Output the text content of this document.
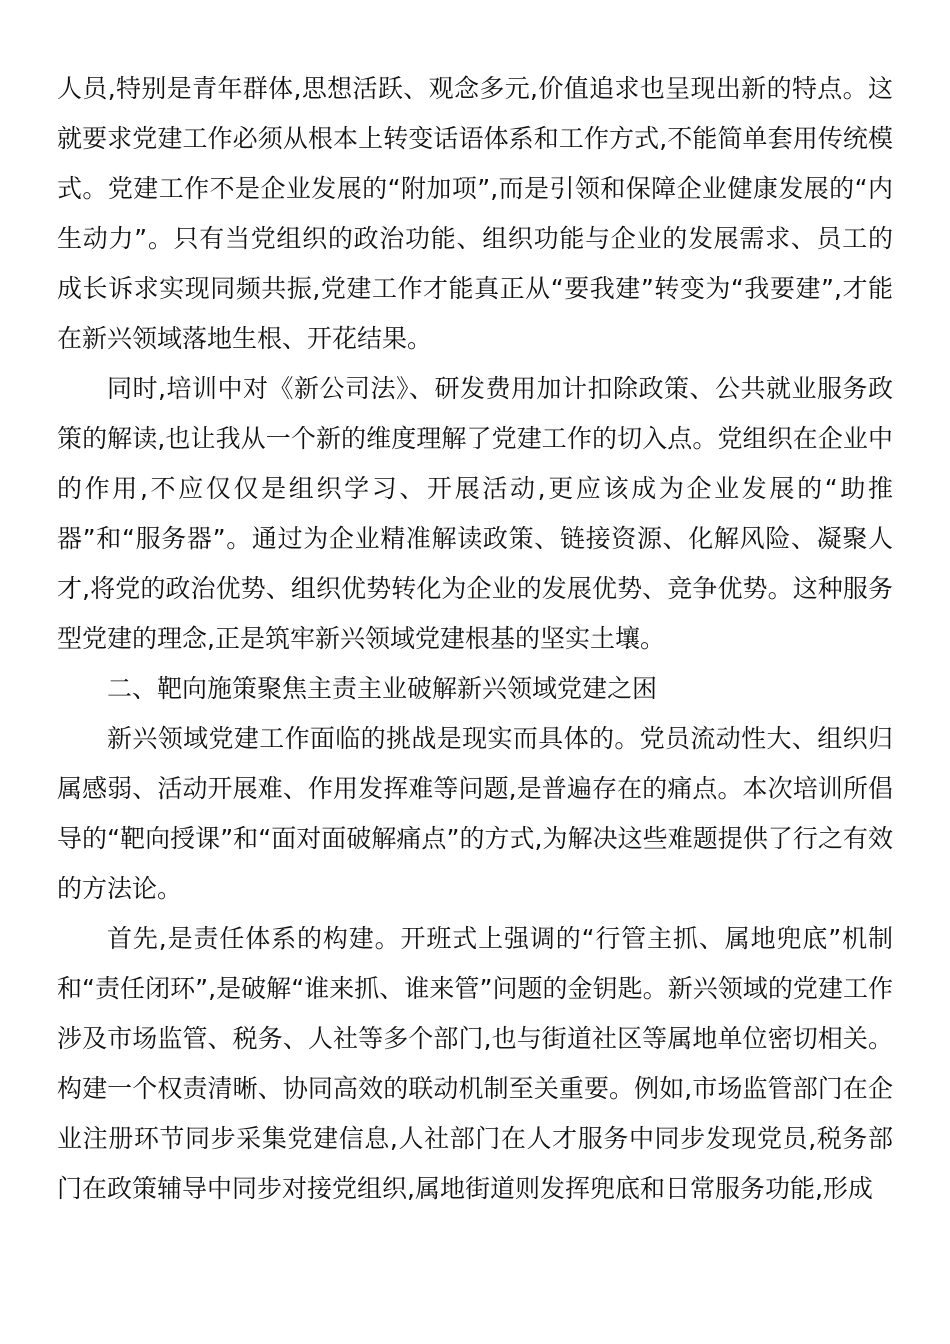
人员,特别是青年群体,思想活跃、观念多元,价值追求也呈现出新的特点。这就要求党建工作必须从根本上转变话语体系和工作方式,不能简单套用传统模式。党建工作不是企业发展的“附加项”,而是引领和保障企业健康发展的“内生动力”。只有当党组织的政治功能、组织功能与企业的发展需求、员工的成长诉求实现同频共振,党建工作才能真正从“要我建”转变为“我要建”,才能在新兴领域落地生根、开花结果。

同时,培训中对《新公司法》、研发费用加计扣除政策、公共就业服务政策的解读,也让我从一个新的维度理解了党建工作的切入点。党组织在企业中的作用,不应仅仅是组织学习、开展活动,更应该成为企业发展的“助推器”和“服务器”。通过为企业精准解读政策、链接资源、化解风险、凝聚人才,将党的政治优势、组织优势转化为企业的发展优势、竞争优势。这种服务型党建的理念,正是筑牢新兴领域党建根基的坚实土壤。

二、靶向施策聚焦主责主业破解新兴领域党建之困

新兴领域党建工作面临的挑战是现实而具体的。党员流动性大、组织归属感弱、活动开展难、作用发挥难等问题,是普遍存在的痛点。本次培训所倡导的“靶向授课”和“面对面破解痛点”的方式,为解决这些难题提供了行之有效的方法论。

首先,是责任体系的构建。开班式上强调的“行管主抓、属地兜底”机制和“责任闭环”,是破解“谁来抓、谁来管”问题的金钥匙。新兴领域的党建工作涉及市场监管、税务、人社等多个部门,也与街道社区等属地单位密切相关。构建一个权责清晰、协同高效的联动机制至关重要。例如,市场监管部门在企业注册环节同步采集党建信息,人社部门在人才服务中同步发现党员,税务部门在政策辅导中同步对接党组织,属地街道则发挥兜底和日常服务功能,形成
